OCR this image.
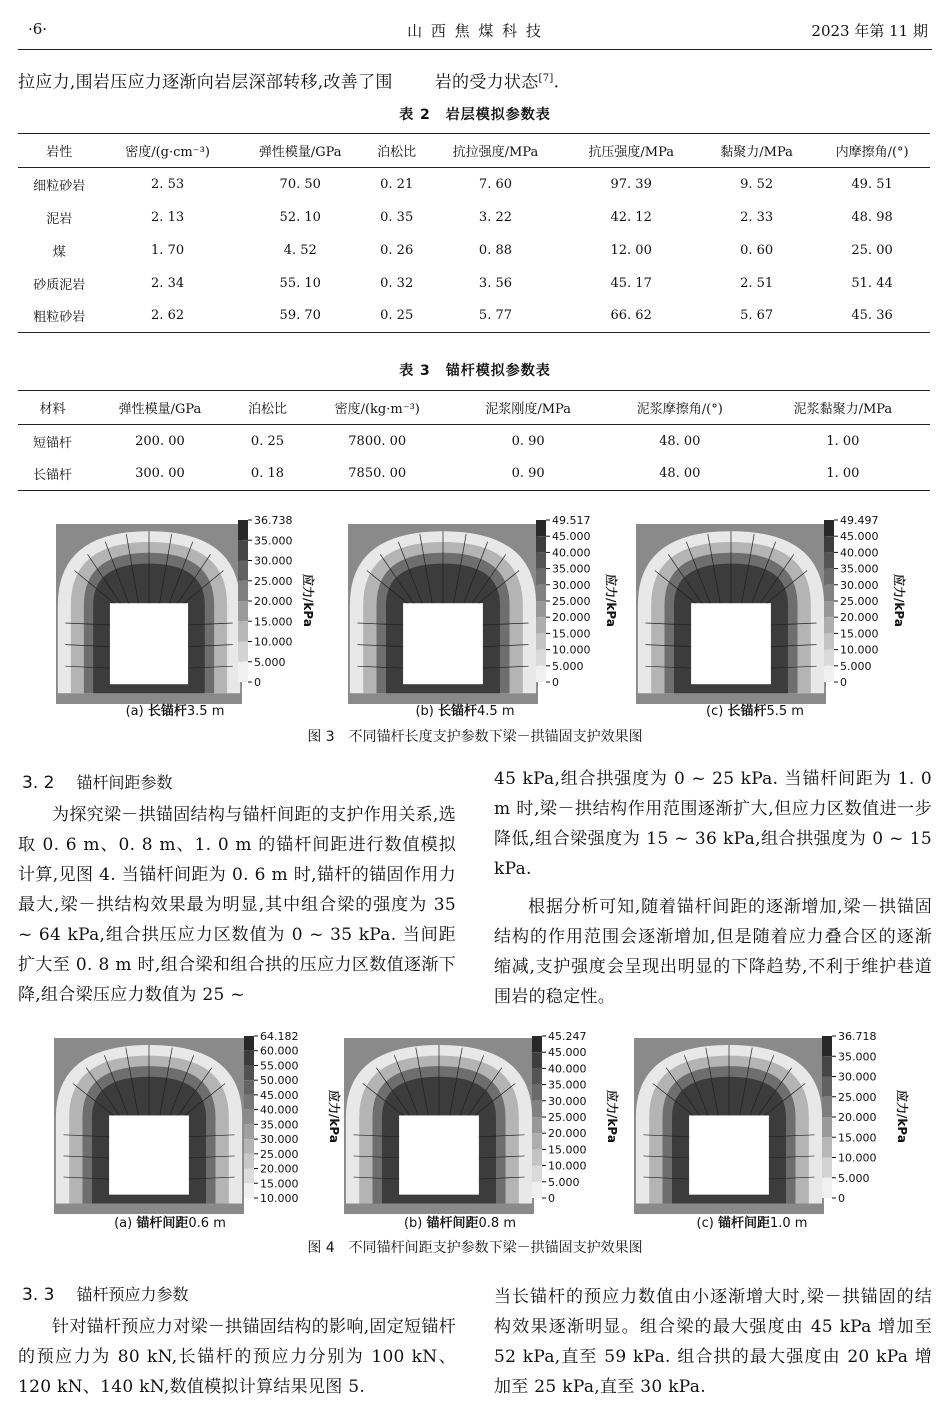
·6·	山 西 焦 煤 科 技	2023 年第 11 期
拉应力,围岩压应力逐渐向岩层深部转移,改善了围 岩的受力状态[7].
表 2　岩层模拟参数表
岩性	密度/(g·cm⁻³)	弹性模量/GPa	泊松比	抗拉强度/MPa	抗压强度/MPa	黏聚力/MPa	内摩擦角/(°)
细粒砂岩	2. 53	70. 50	0. 21	7. 60	97. 39	9. 52	49. 51
泥岩	2. 13	52. 10	0. 35	3. 22	42. 12	2. 33	48. 98
煤	1. 70	4. 52	0. 26	0. 88	12. 00	0. 60	25. 00
砂质泥岩	2. 34	55. 10	0. 32	3. 56	45. 17	2. 51	51. 44
粗粒砂岩	2. 62	59. 70	0. 25	5. 77	66. 62	5. 67	45. 36
表 3　锚杆模拟参数表
材料	弹性模量/GPa	泊松比	密度/(kg·m⁻³)	泥浆刚度/MPa	泥浆摩擦角/(°)	泥浆黏聚力/MPa
短锚杆	200. 00	0. 25	7800. 00	0. 90	48. 00	1. 00
长锚杆	300. 00	0. 18	7850. 00	0. 90	48. 00	1. 00
36.738
35.000
30.000
25.000
20.000
15.000
10.000
5.000
0
应力/kPa
49.517
45.000
40.000
35.000
30.000
25.000
20.000
15.000
10.000
5.000
0
应力/kPa
49.497
45.000
40.000
35.000
30.000
25.000
20.000
15.000
10.000
5.000
0
应力/kPa
(a) 长锚杆3.5 m	(b) 长锚杆4.5 m	(c) 长锚杆5.5 m
图 3　不同锚杆长度支护参数下梁－拱锚固支护效果图
3. 2 锚杆间距参数
为探究梁－拱锚固结构与锚杆间距的支护作用关系,选取 0. 6 m、0. 8 m、1. 0 m 的锚杆间距进行数值模拟计算,见图 4. 当锚杆间距为 0. 6 m 时,锚杆的锚固作用力最大,梁－拱结构效果最为明显,其中组合梁的强度为 35 ~ 64 kPa,组合拱压应力区数值为 0 ~ 35 kPa. 当间距扩大至 0. 8 m 时,组合梁和组合拱的压应力区数值逐渐下降,组合梁压应力数值为 25 ~
45 kPa,组合拱强度为 0 ~ 25 kPa. 当锚杆间距为 1. 0 m 时,梁－拱结构作用范围逐渐扩大,但应力区数值进一步降低,组合梁强度为 15 ~ 36 kPa,组合拱强度为 0 ~ 15 kPa.
根据分析可知,随着锚杆间距的逐渐增加,梁－拱锚固结构的作用范围会逐渐增加,但是随着应力叠合区的逐渐缩减,支护强度会呈现出明显的下降趋势,不利于维护巷道围岩的稳定性。
64.182
60.000
55.000
50.000
45.000
40.000
35.000
30.000
25.000
20.000
15.000
10.000
应力/kPa
45.247
45.000
40.000
35.000
30.000
25.000
20.000
15.000
10.000
5.000
0
应力/kPa
36.718
35.000
30.000
25.000
20.000
15.000
10.000
5.000
0
应力/kPa
(a) 锚杆间距0.6 m	(b) 锚杆间距0.8 m	(c) 锚杆间距1.0 m
图 4　不同锚杆间距支护参数下梁－拱锚固支护效果图
3. 3 锚杆预应力参数
针对锚杆预应力对梁－拱锚固结构的影响,固定短锚杆的预应力为 80 kN,长锚杆的预应力分别为 100 kN、120 kN、140 kN,数值模拟计算结果见图 5.
当长锚杆的预应力数值由小逐渐增大时,梁－拱锚固的结构效果逐渐明显。组合梁的最大强度由 45 kPa 增加至 52 kPa,直至 59 kPa. 组合拱的最大强度由 20 kPa 增加至 25 kPa,直至 30 kPa.
